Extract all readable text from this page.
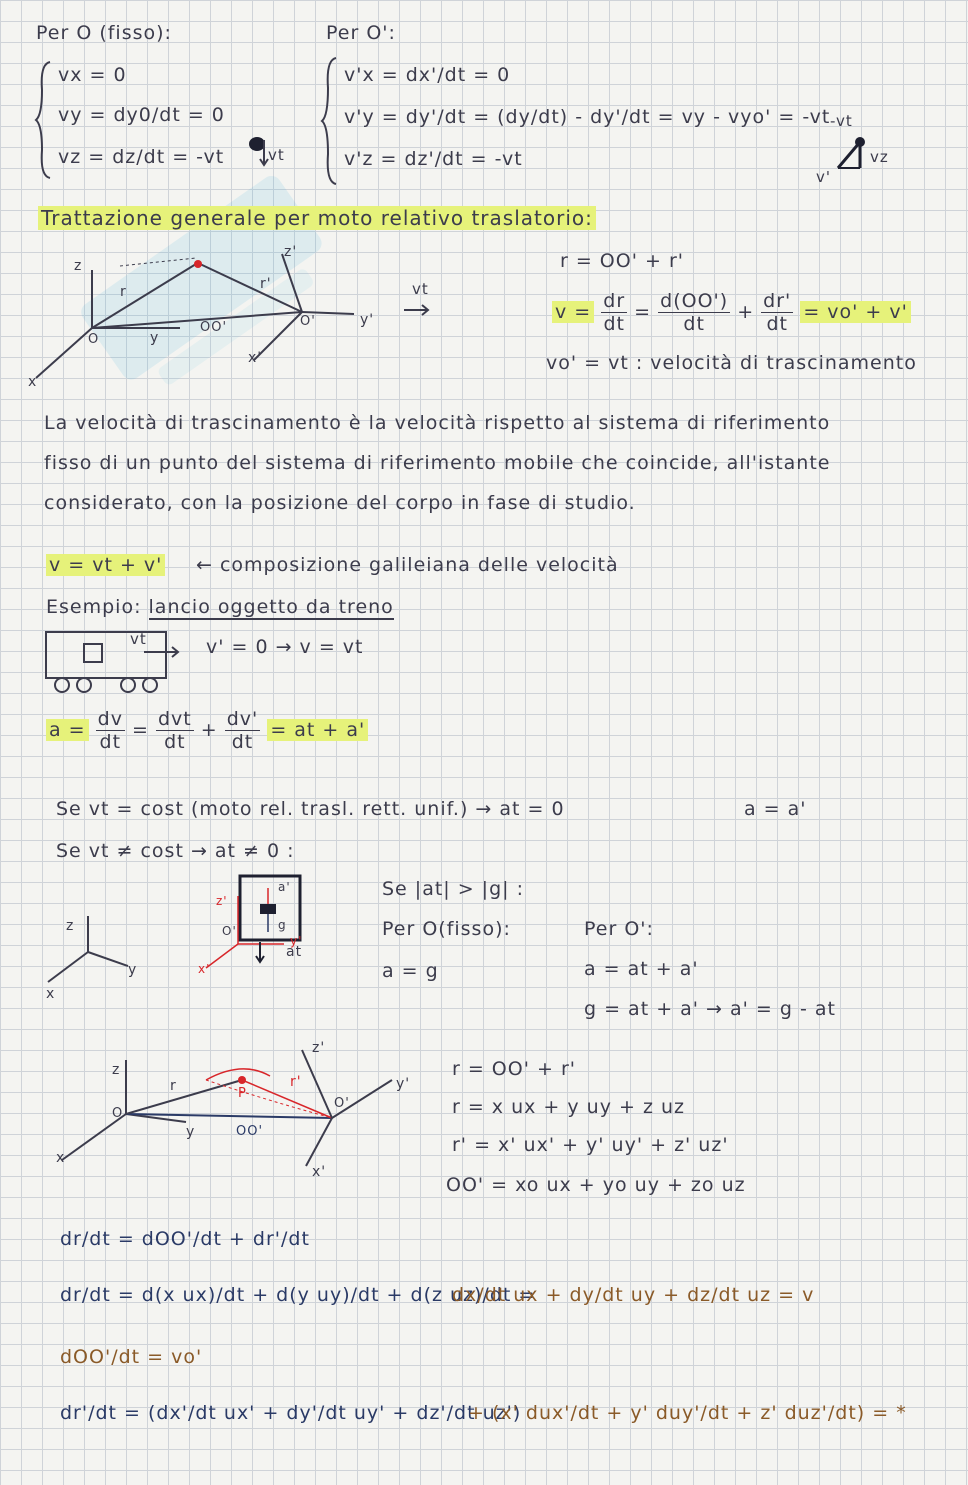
Per O (fisso):	Per O':
vx = 0
vy = dy0/dt = 0
vz = dz/dt = -vt	vt
v'x = dx'/dt = 0
v'y = dy'/dt = (dy/dt) - dy'/dt = vy - vyo' = -vt
v'z = dz'/dt = -vt
-vt
vz
v'
Trattazione generale per moto relativo traslatorio:
z
z'
y
y'
x
x'
O
O'
r	r'
OO'
vt
r = OO' + r'
$v = \frac{dr}{dt} = \frac{d(OO')}{dt} + \frac{dr'}{dt} = vo' + v'$
vo' = vt : velocità di trascinamento
La velocità di trascinamento è la velocità rispetto al sistema di riferimento
fisso di un punto del sistema di riferimento mobile che coincide, all'istante
considerato, con la posizione del corpo in fase di studio.
v = vt + v' ← composizione galileiana delle velocità
Esempio: lancio oggetto da treno
vt	v' = 0 → v = vt
$a = \frac{dv}{dt} = \frac{\text{dvt}}{dt} + \frac{dv'}{dt}$ = at + a'
Se vt = cost (moto rel. trasl. rett. unif.) → at = 0	a = a'
Se vt ≠ cost → at ≠ 0 :
z
y
x
z'
O'
y'
x'
a'
g
at
Se |at| > |g| :
Per O(fisso):
a = g
Per O':
a = at + a'
g = at + a' → a' = g - at
z
z'
y
y'
x
x'
O
O'
P
r	r'
OO'
r = OO' + r'
r = x ux + y uy + z uz
r' = x' ux' + y' uy' + z' uz'
OO' = xo ux + yo uy + zo uz
dr/dt = dOO'/dt + dr'/dt
dr/dt = d(x ux)/dt + d(y uy)/dt + d(z uz)/dt =
dx/dt ux + dy/dt uy + dz/dt uz = v
dOO'/dt = vo'
dr'/dt = (dx'/dt ux' + dy'/dt uy' + dz'/dt uz')
+ (x' dux'/dt + y' duy'/dt + z' duz'/dt) = *
